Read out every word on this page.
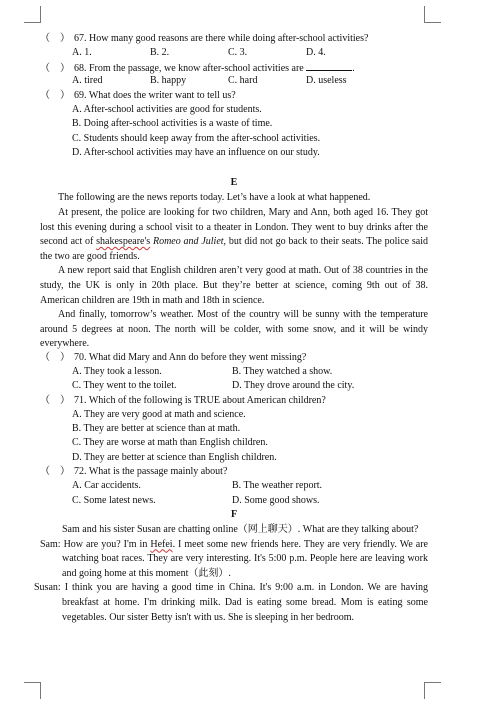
（　） 67. How many good reasons are there while doing after-school activities?
A. 1.	B. 2.	C. 3.	D. 4.
（　） 68. From the passage, we know after-school activities are	.
A. tired	B. happy	C. hard	D. useless
（　） 69. What does the writer want to tell us?
A. After-school activities are good for students.
B. Doing after-school activities is a waste of time.
C. Students should keep away from the after-school activities.
D. After-school activities may have an influence on our study.
E

The following are the news reports today. Let’s have a look at what happened.

At present, the police are looking for two children, Mary and Ann, both aged 16. They got lost this evening during a school visit to a theater in London. They went to buy drinks after the second act of shakespeare's Romeo and Juliet, but did not go back to their seats. The police said the two are good friends.

A new report said that English children aren’t very good at math. Out of 38 countries in the study, the UK is only in 20th place. But they’re better at science, coming 9th out of 38. American children are 19th in math and 18th in science.

And finally, tomorrow’s weather. Most of the country will be sunny with the temperature around 5 degrees at noon. The north will be colder, with some snow, and it will be windy everywhere.

（　） 70. What did Mary and Ann do before they went missing?
A. They took a lesson.	B. They watched a show.
C. They went to the toilet.	D. They drove around the city.
（　） 71. Which of the following is TRUE about American children?
A. They are very good at math and science.
B. They are better at science than at math.
C. They are worse at math than English children.
D. They are better at science than English children.
（　） 72. What is the passage mainly about?
A. Car accidents.	B. The weather report.
C. Some latest news.	D. Some good shows.
F
Sam and his sister Susan are chatting online（网上聊天）. What are they talking about?
Sam: How are you? I'm in Hefei. I meet some new friends here. They are very friendly. We are watching boat races. They are very interesting. It's 5:00 p.m. People here are leaving work and going home at this moment（此刻）.
Susan: I think you are having a good time in China. It's 9:00 a.m. in London. We are having breakfast at home. I'm drinking milk. Dad is eating some bread. Mom is eating some vegetables. Our sister Betty isn't with us. She is sleeping in her bedroom.
